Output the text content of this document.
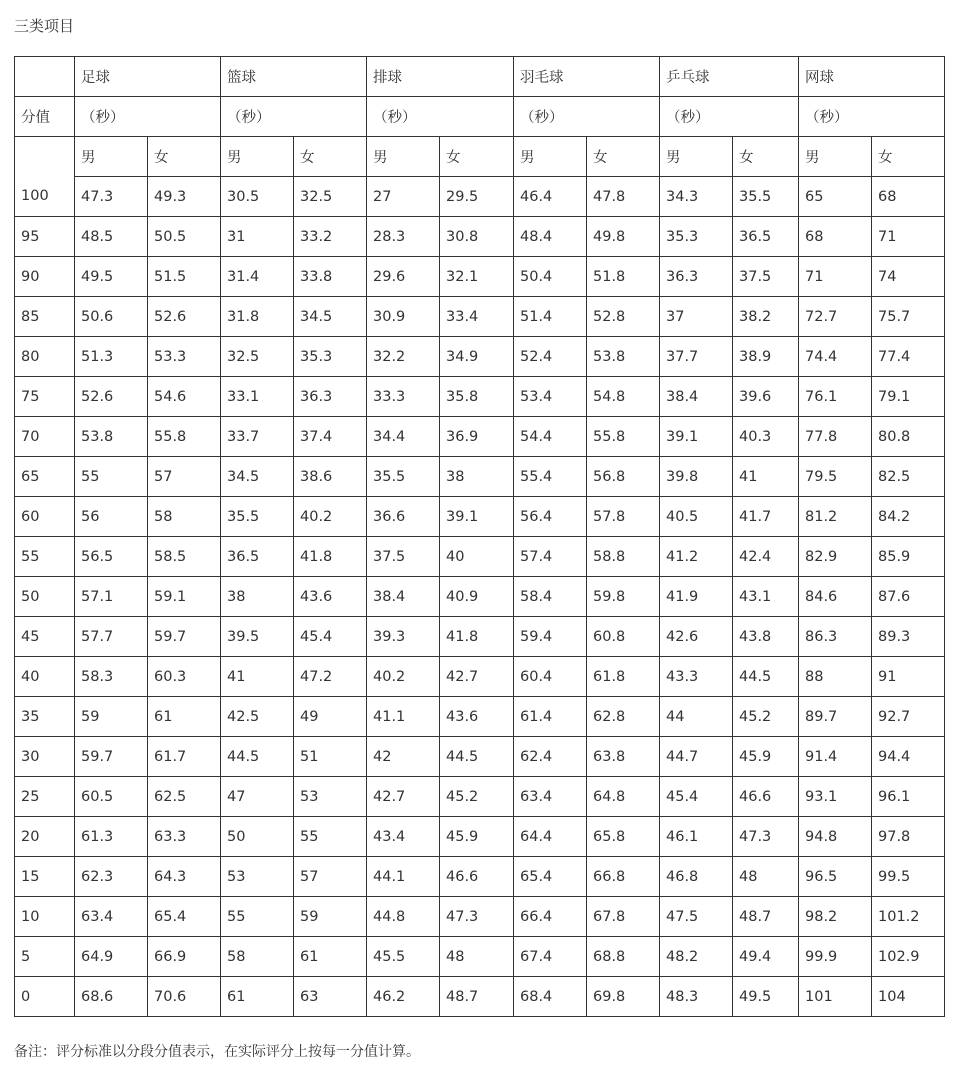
三类项目
	足球		篮球		排球		羽毛球		乒乓球		网球	
分值	（秒）		（秒）		（秒）		（秒）		（秒）		（秒）	
	男	女	男	女	男	女	男	女	男	女	男	女
100	47.3	49.3	30.5	32.5	27	29.5	46.4	47.8	34.3	35.5	65	68
95	48.5	50.5	31	33.2	28.3	30.8	48.4	49.8	35.3	36.5	68	71
90	49.5	51.5	31.4	33.8	29.6	32.1	50.4	51.8	36.3	37.5	71	74
85	50.6	52.6	31.8	34.5	30.9	33.4	51.4	52.8	37	38.2	72.7	75.7
80	51.3	53.3	32.5	35.3	32.2	34.9	52.4	53.8	37.7	38.9	74.4	77.4
75	52.6	54.6	33.1	36.3	33.3	35.8	53.4	54.8	38.4	39.6	76.1	79.1
70	53.8	55.8	33.7	37.4	34.4	36.9	54.4	55.8	39.1	40.3	77.8	80.8
65	55	57	34.5	38.6	35.5	38	55.4	56.8	39.8	41	79.5	82.5
60	56	58	35.5	40.2	36.6	39.1	56.4	57.8	40.5	41.7	81.2	84.2
55	56.5	58.5	36.5	41.8	37.5	40	57.4	58.8	41.2	42.4	82.9	85.9
50	57.1	59.1	38	43.6	38.4	40.9	58.4	59.8	41.9	43.1	84.6	87.6
45	57.7	59.7	39.5	45.4	39.3	41.8	59.4	60.8	42.6	43.8	86.3	89.3
40	58.3	60.3	41	47.2	40.2	42.7	60.4	61.8	43.3	44.5	88	91
35	59	61	42.5	49	41.1	43.6	61.4	62.8	44	45.2	89.7	92.7
30	59.7	61.7	44.5	51	42	44.5	62.4	63.8	44.7	45.9	91.4	94.4
25	60.5	62.5	47	53	42.7	45.2	63.4	64.8	45.4	46.6	93.1	96.1
20	61.3	63.3	50	55	43.4	45.9	64.4	65.8	46.1	47.3	94.8	97.8
15	62.3	64.3	53	57	44.1	46.6	65.4	66.8	46.8	48	96.5	99.5
10	63.4	65.4	55	59	44.8	47.3	66.4	67.8	47.5	48.7	98.2	101.2
5	64.9	66.9	58	61	45.5	48	67.4	68.8	48.2	49.4	99.9	102.9
0	68.6	70.6	61	63	46.2	48.7	68.4	69.8	48.3	49.5	101	104
备注：评分标准以分段分值表示，在实际评分上按每一分值计算。
